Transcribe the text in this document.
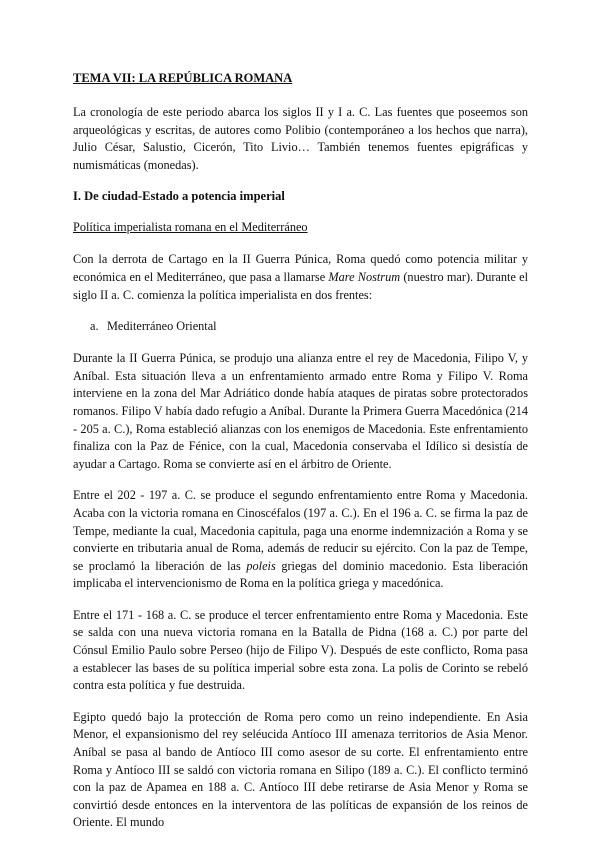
TEMA VII: LA REPÚBLICA ROMANA

La cronología de este periodo abarca los siglos II y I a. C. Las fuentes que poseemos son arqueológicas y escritas, de autores como Polibio (contemporáneo a los hechos que narra), Julio César, Salustio, Cicerón, Tito Livio… También tenemos fuentes epigráficas y numismáticas (monedas).

I. De ciudad-Estado a potencia imperial
Política imperialista romana en el Mediterráneo

Con la derrota de Cartago en la II Guerra Púnica, Roma quedó como potencia militar y económica en el Mediterráneo, que pasa a llamarse Mare Nostrum (nuestro mar). Durante el siglo II a. C. comienza la política imperialista en dos frentes:

a. Mediterráneo Oriental

Durante la II Guerra Púnica, se produjo una alianza entre el rey de Macedonia, Filipo V, y Aníbal. Esta situación lleva a un enfrentamiento armado entre Roma y Filipo V. Roma interviene en la zona del Mar Adriático donde había ataques de piratas sobre protectorados romanos. Filipo V había dado refugio a Aníbal. Durante la Primera Guerra Macedónica (214 - 205 a. C.), Roma estableció alianzas con los enemigos de Macedonia. Este enfrentamiento finaliza con la Paz de Fénice, con la cual, Macedonia conservaba el Idílico si desistía de ayudar a Cartago. Roma se convierte así en el árbitro de Oriente.

Entre el 202 - 197 a. C. se produce el segundo enfrentamiento entre Roma y Macedonia. Acaba con la victoria romana en Cinoscéfalos (197 a. C.). En el 196 a. C. se firma la paz de Tempe, mediante la cual, Macedonia capitula, paga una enorme indemnización a Roma y se convierte en tributaria anual de Roma, además de reducir su ejército. Con la paz de Tempe, se proclamó la liberación de las poleis griegas del dominio macedonio. Esta liberación implicaba el intervencionismo de Roma en la política griega y macedónica.

Entre el 171 - 168 a. C. se produce el tercer enfrentamiento entre Roma y Macedonia. Este se salda con una nueva victoria romana en la Batalla de Pidna (168 a. C.) por parte del Cónsul Emilio Paulo sobre Perseo (hijo de Filipo V). Después de este conflicto, Roma pasa a establecer las bases de su política imperial sobre esta zona. La polis de Corinto se rebeló contra esta política y fue destruida.

Egipto quedó bajo la protección de Roma pero como un reino independiente. En Asia Menor, el expansionismo del rey seléucida Antíoco III amenaza territorios de Asia Menor. Aníbal se pasa al bando de Antíoco III como asesor de su corte. El enfrentamiento entre Roma y Antíoco III se saldó con victoria romana en Silipo (189 a. C.). El conflicto terminó con la paz de Apamea en 188 a. C. Antíoco III debe retirarse de Asia Menor y Roma se convirtió desde entonces en la interventora de las políticas de expansión de los reinos de Oriente. El mundo
